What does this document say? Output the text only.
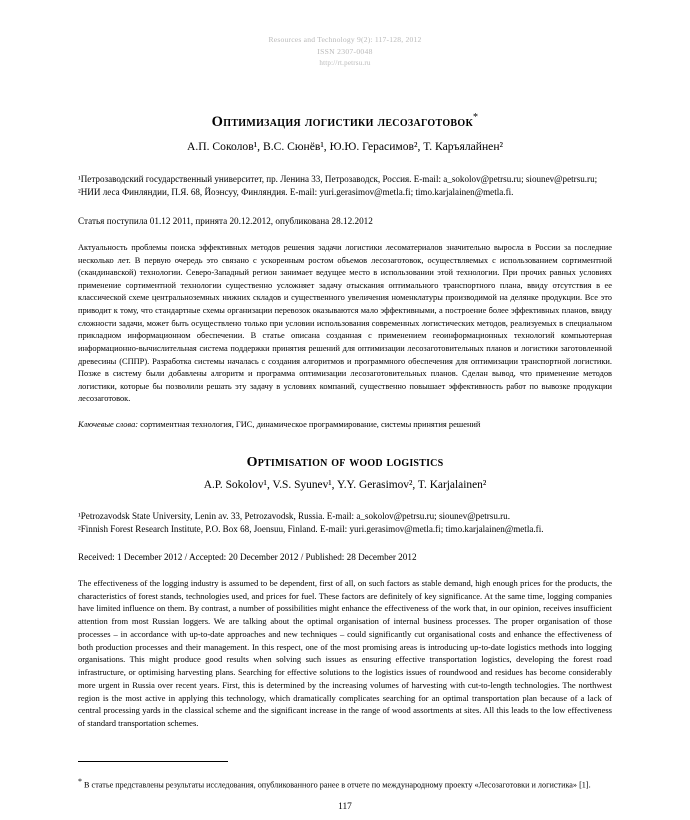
Resources and Technology 9(2): 117-128, 2012
ISSN 2307-0048
http://rt.petrsu.ru
Оптимизация логистики лесозаготовок*
А.П. Соколов¹, В.С. Сюнёв¹, Ю.Ю. Герасимов², Т. Каръялайнен²

¹Петрозаводский государственный университет, пр. Ленина 33, Петрозаводск, Россия. E-mail: a_sokolov@petrsu.ru; siounev@petrsu.ru;

²НИИ леса Финляндии, П.Я. 68, Йоэнсуу, Финляндия. E-mail: yuri.gerasimov@metla.fi; timo.karjalainen@metla.fi.

Статья поступила 01.12 2011, принята 20.12.2012, опубликована 28.12.2012
Актуальность проблемы поиска эффективных методов решения задачи логистики лесоматериалов значительно выросла в России за последние несколько лет. В первую очередь это связано с ускоренным ростом объемов лесозаготовок, осуществляемых с использованием сортиментной (скандинавской) технологии. Северо-Западный регион занимает ведущее место в использовании этой технологии. При прочих равных условиях применение сортиментной технологии существенно усложняет задачу отыскания оптимального транспортного плана, ввиду отсутствия в ее классической схеме центральноземных нижних складов и существенного увеличения номенклатуры производимой на делянке продукции. Все это приводит к тому, что стандартные схемы организации перевозок оказываются мало эффективными, а построение более эффективных планов, ввиду сложности задачи, может быть осуществлено только при условии использования современных логистических методов, реализуемых в специальном прикладном информационном обеспечении. В статье описана созданная с применением геоинформационных технологий компьютерная информационно-вычислительная система поддержки принятия решений для оптимизации лесозаготовительных планов и логистики заготовленной древесины (СППР). Разработка системы началась с создания алгоритмов и программного обеспечения для оптимизации транспортной логистики. Позже в систему были добавлены алгоритм и программа оптимизации лесозаготовительных планов. Сделан вывод, что применение методов логистики, которые бы позволили решать эту задачу в условиях компаний, существенно повышает эффективность работ по вывозке продукции лесозаготовок.
Ключевые слова: сортиментная технология, ГИС, динамическое программирование, системы принятия решений
Optimisation of wood logistics
A.P. Sokolov¹, V.S. Syunev¹, Y.Y. Gerasimov², T. Karjalainen²

¹Petrozavodsk State University, Lenin av. 33, Petrozavodsk, Russia. E-mail: a_sokolov@petrsu.ru; siounev@petrsu.ru.

²Finnish Forest Research Institute, P.O. Box 68, Joensuu, Finland. E-mail: yuri.gerasimov@metla.fi; timo.karjalainen@metla.fi.

Received: 1 December 2012 / Accepted: 20 December 2012 / Published: 28 December 2012
The effectiveness of the logging industry is assumed to be dependent, first of all, on such factors as stable demand, high enough prices for the products, the characteristics of forest stands, technologies used, and prices for fuel. These factors are definitely of key significance. At the same time, logging companies have limited influence on them. By contrast, a number of possibilities might enhance the effectiveness of the work that, in our opinion, receives insufficient attention from most Russian loggers. We are talking about the optimal organisation of internal business processes. The proper organisation of those processes – in accordance with up-to-date approaches and new techniques – could significantly cut organisational costs and enhance the effectiveness of both production processes and their management. In this respect, one of the most promising areas is introducing up-to-date logistics methods into logging organisations. This might produce good results when solving such issues as ensuring effective transportation logistics, developing the forest road infrastructure, or optimising harvesting plans. Searching for effective solutions to the logistics issues of roundwood and residues has become considerably more urgent in Russia over recent years. First, this is determined by the increasing volumes of harvesting with cut-to-length technologies. The northwest region is the most active in applying this technology, which dramatically complicates searching for an optimal transportation plan because of a lack of central processing yards in the classical scheme and the significant increase in the range of wood assortments at sites. All this leads to the low effectiveness of standard transportation schemes.
* В статье представлены результаты исследования, опубликованного ранее в отчете по международному проекту «Лесозаготовки и логистика» [1].
117
